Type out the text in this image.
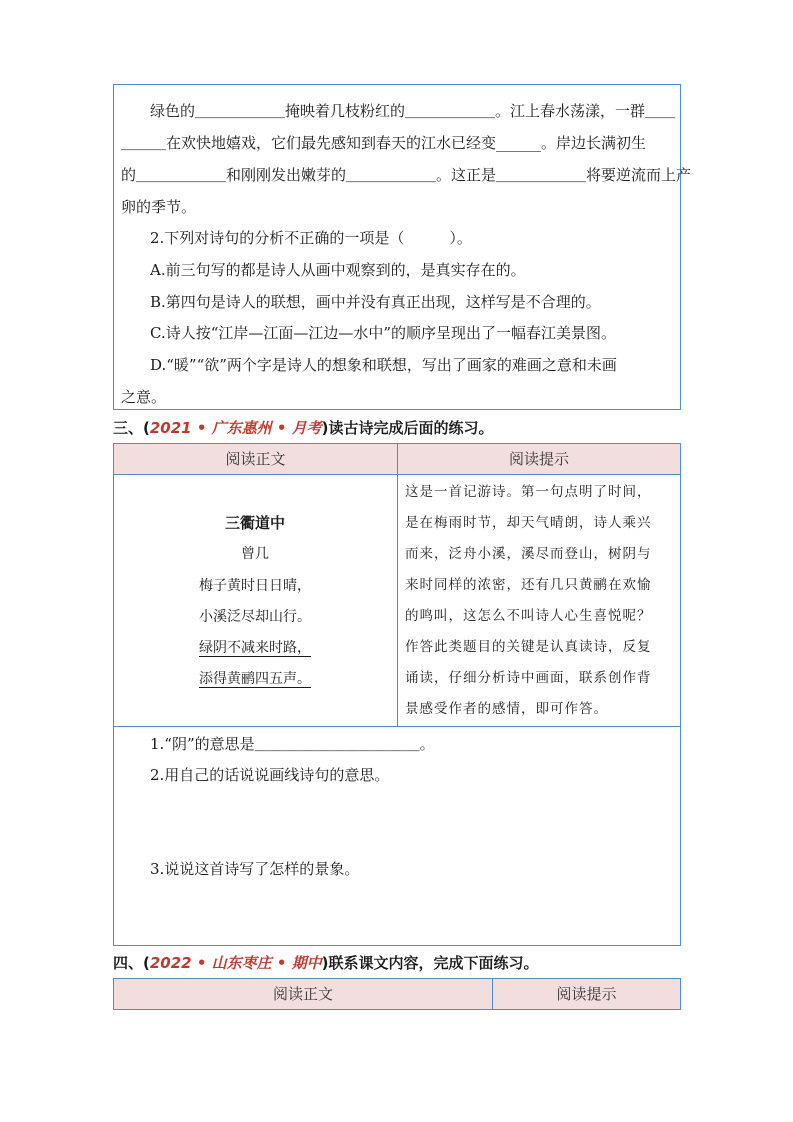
绿色的＿＿＿＿＿＿掩映着几枝粉红的＿＿＿＿＿＿。江上春水荡漾，一群＿＿
＿＿＿在欢快地嬉戏，它们最先感知到春天的江水已经变______。岸边长满初生
的＿＿＿＿＿＿和刚刚发出嫩芽的＿＿＿＿＿＿。这正是＿＿＿＿＿＿将要逆流而上产
卵的季节。
2.下列对诗句的分析不正确的一项是（　　　）。
A.前三句写的都是诗人从画中观察到的，是真实存在的。
B.第四句是诗人的联想，画中并没有真正出现，这样写是不合理的。
C.诗人按“江岸—江面—江边—水中”的顺序呈现出了一幅春江美景图。
D.“暖”“欲”两个字是诗人的想象和联想，写出了画家的难画之意和未画
之意。
三、(2021 • 广东惠州 • 月考)读古诗完成后面的练习。
阅读正文	阅读提示
三衢道中
曾几
梅子黄时日日晴，
小溪泛尽却山行。
绿阴不减来时路，
添得黄鹂四五声。
这是一首记游诗。第一句点明了时间，
是在梅雨时节，却天气晴朗，诗人乘兴
而来，泛舟小溪，溪尽而登山，树阴与
来时同样的浓密，还有几只黄鹂在欢愉
的鸣叫，这怎么不叫诗人心生喜悦呢？
作答此类题目的关键是认真读诗，反复
诵读，仔细分析诗中画面，联系创作背
景感受作者的感情，即可作答。
1.“阴”的意思是＿＿＿＿＿＿＿＿＿＿＿。
2.用自己的话说说画线诗句的意思。
3.说说这首诗写了怎样的景象。
四、(2022 • 山东枣庄 • 期中)联系课文内容，完成下面练习。
阅读正文	阅读提示
